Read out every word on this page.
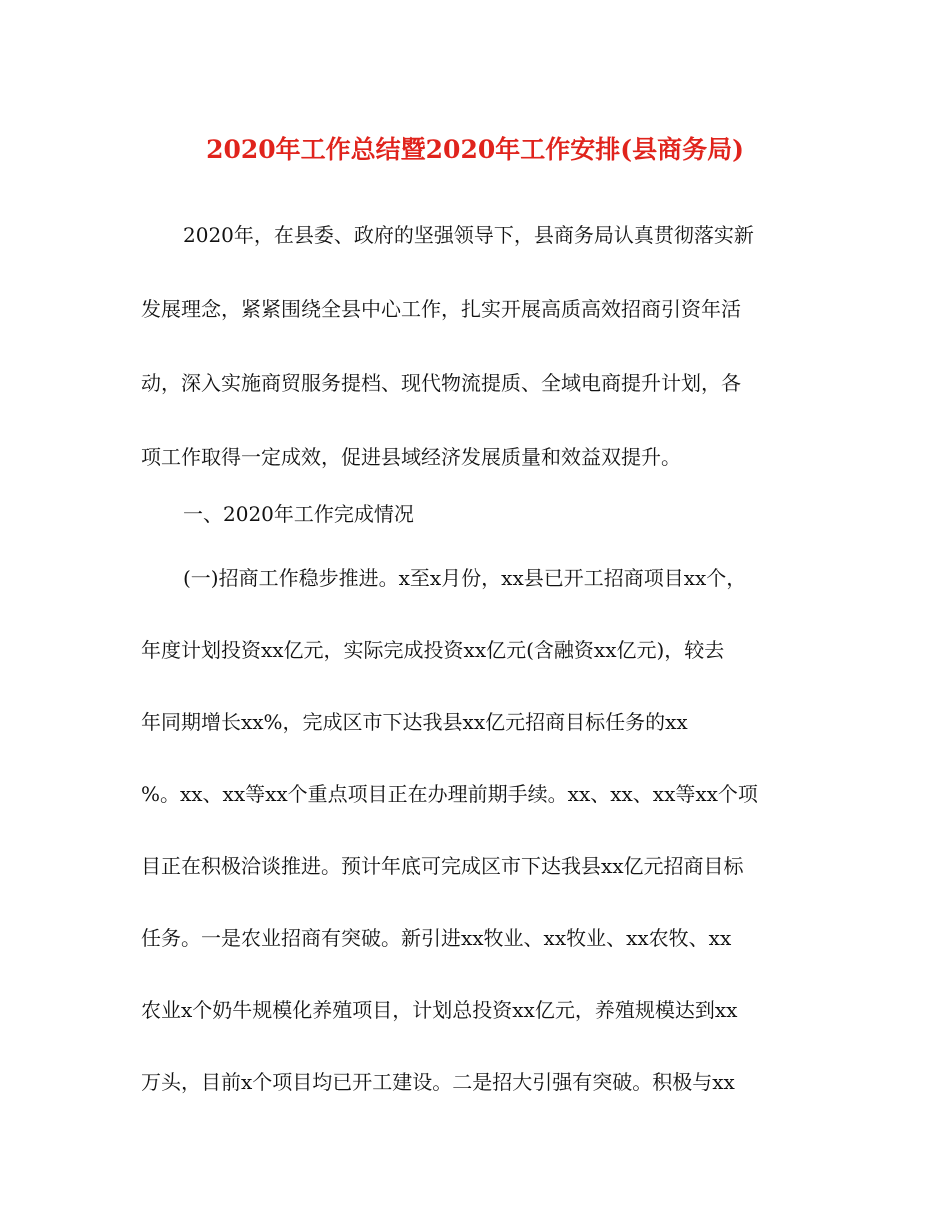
2020年工作总结暨2020年工作安排(县商务局)
2020年，在县委、政府的坚强领导下，县商务局认真贯彻落实新
发展理念，紧紧围绕全县中心工作，扎实开展高质高效招商引资年活
动，深入实施商贸服务提档、现代物流提质、全域电商提升计划，各
项工作取得一定成效，促进县域经济发展质量和效益双提升。
一、2020年工作完成情况
(一)招商工作稳步推进。x至x月份，xx县已开工招商项目xx个，
年度计划投资xx亿元，实际完成投资xx亿元(含融资xx亿元)，较去
年同期增长xx%，完成区市下达我县xx亿元招商目标任务的xx
%。xx、xx等xx个重点项目正在办理前期手续。xx、xx、xx等xx个项
目正在积极洽谈推进。预计年底可完成区市下达我县xx亿元招商目标
任务。一是农业招商有突破。新引进xx牧业、xx牧业、xx农牧、xx
农业x个奶牛规模化养殖项目，计划总投资xx亿元，养殖规模达到xx
万头，目前x个项目均已开工建设。二是招大引强有突破。积极与xx
